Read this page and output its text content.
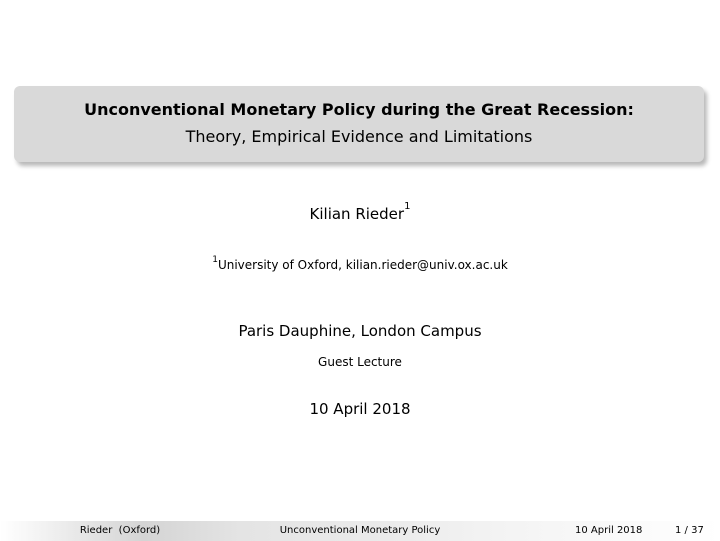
Unconventional Monetary Policy during the Great Recession:
Theory, Empirical Evidence and Limitations
Kilian Rieder$^1$
$^1$University of Oxford, kilian.rieder@univ.ox.ac.uk
Paris Dauphine, London Campus
Guest Lecture
10 April 2018
Rieder (Oxford)	Unconventional Monetary Policy	10 April 2018	1 / 37
